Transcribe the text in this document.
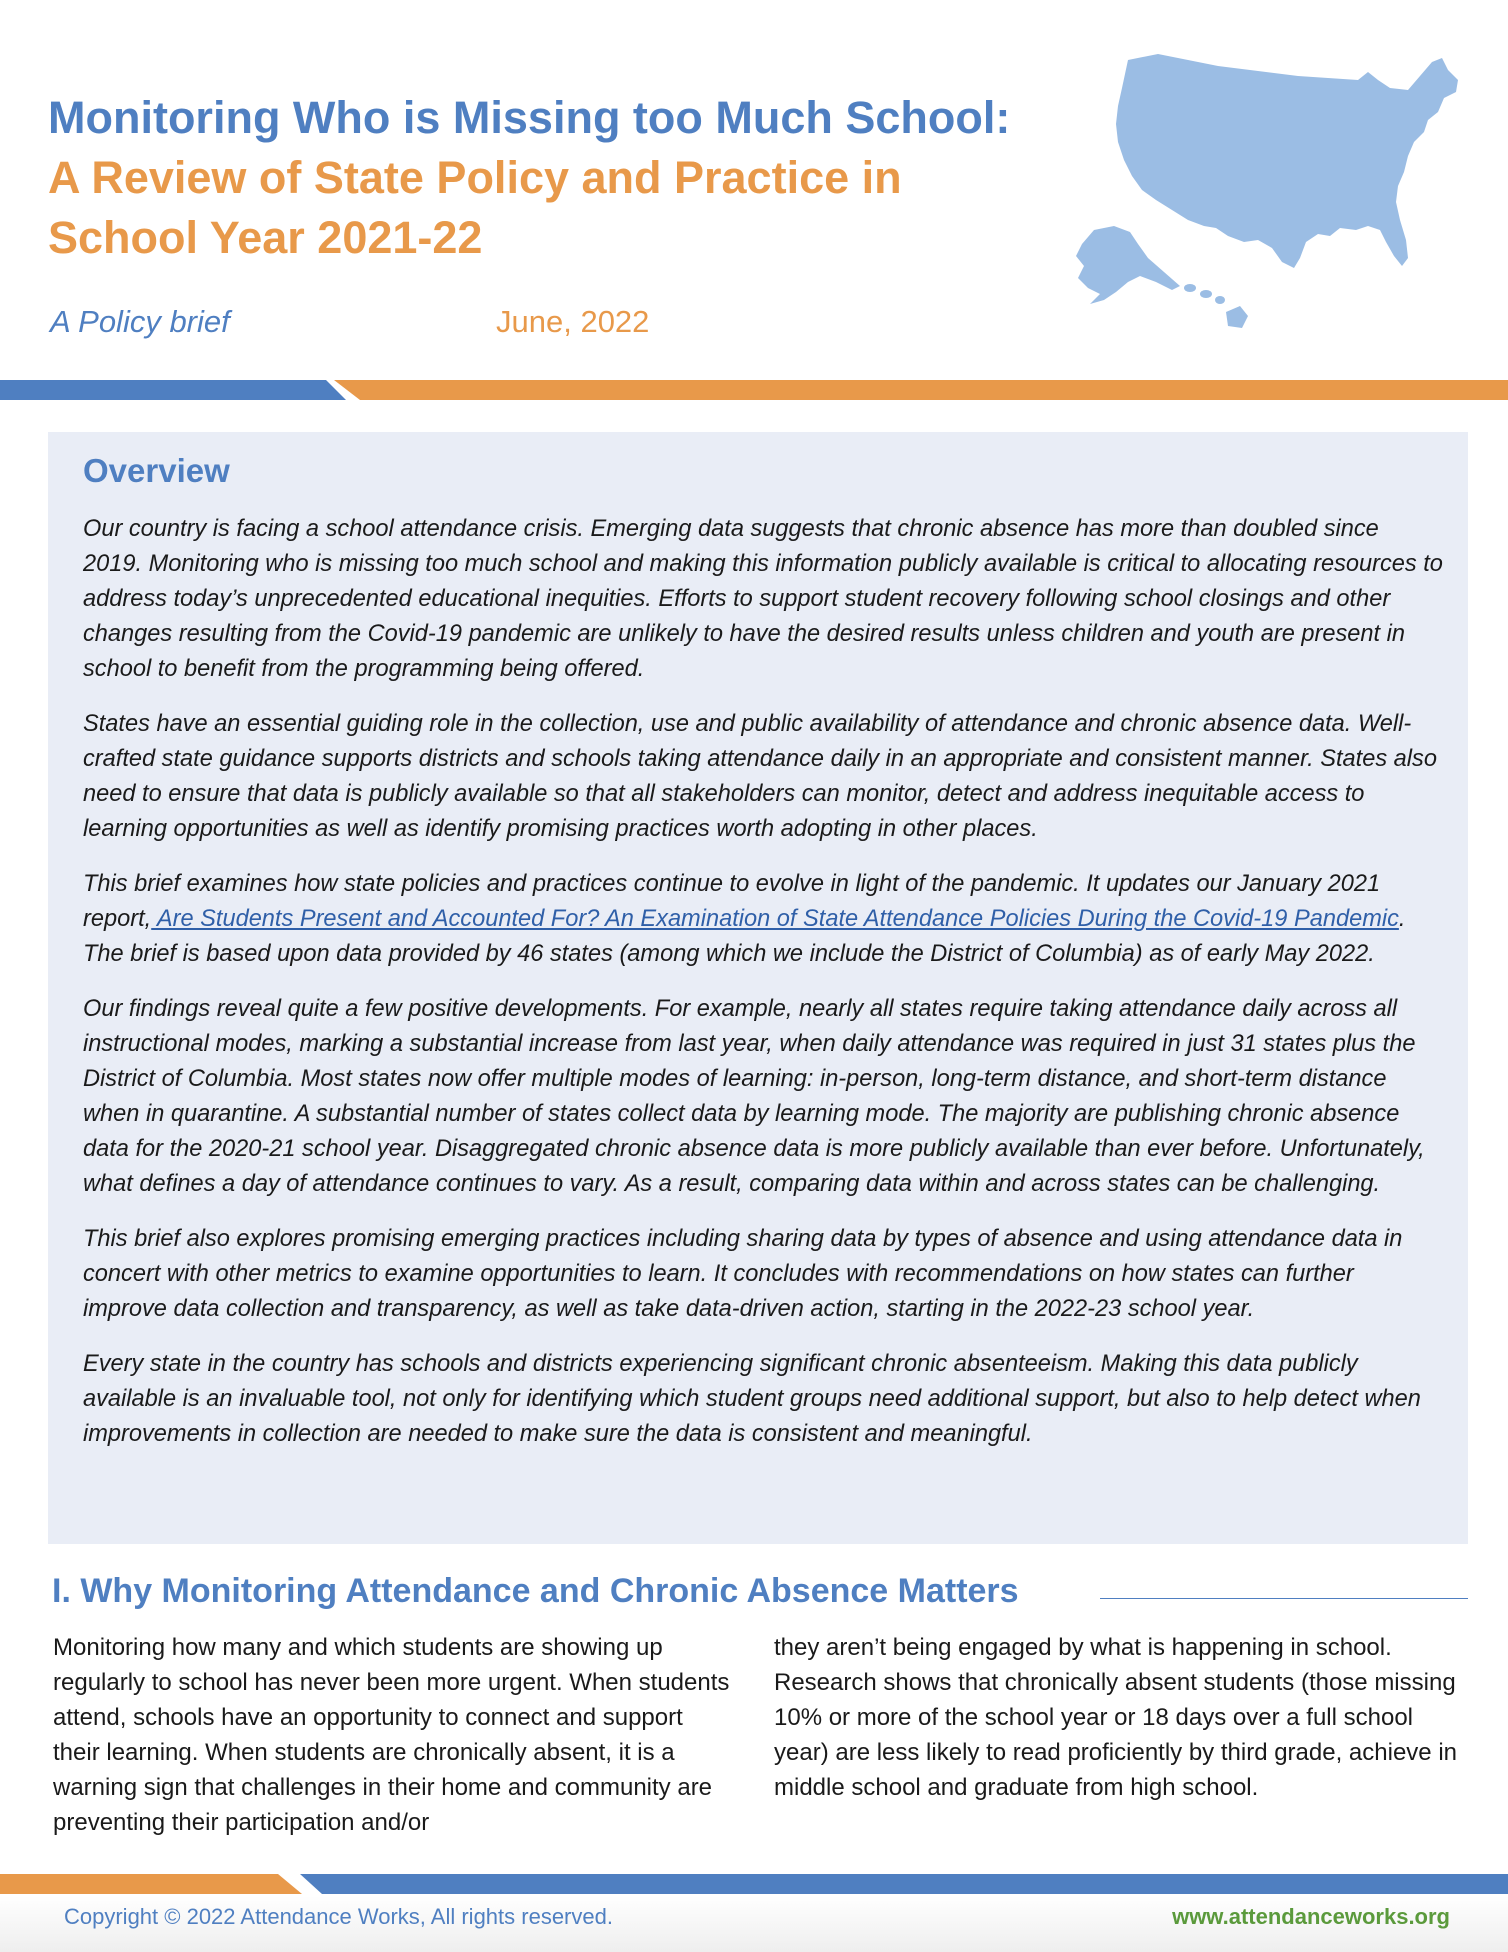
Monitoring Who is Missing too Much School:
A Review of State Policy and Practice in
School Year 2021-22
A Policy brief	June, 2022
Overview

Our country is facing a school attendance crisis. Emerging data suggests that chronic absence has more than doubled since 2019. Monitoring who is missing too much school and making this information publicly available is critical to allocating resources to address today’s unprecedented educational inequities. Efforts to support student recovery following school closings and other changes resulting from the Covid-19 pandemic are unlikely to have the desired results unless children and youth are present in school to benefit from the programming being offered.

States have an essential guiding role in the collection, use and public availability of attendance and chronic absence data. Well-crafted state guidance supports districts and schools taking attendance daily in an appropriate and consistent manner. States also need to ensure that data is publicly available so that all stakeholders can monitor, detect and address inequitable access to learning opportunities as well as identify promising practices worth adopting in other places.

This brief examines how state policies and practices continue to evolve in light of the pandemic. It updates our January 2021 report, Are Students Present and Accounted For? An Examination of State Attendance Policies During the Covid-19 Pandemic. The brief is based upon data provided by 46 states (among which we include the District of Columbia) as of early May 2022.

Our findings reveal quite a few positive developments. For example, nearly all states require taking attendance daily across all instructional modes, marking a substantial increase from last year, when daily attendance was required in just 31 states plus the District of Columbia. Most states now offer multiple modes of learning: in-person, long-term distance, and short-term distance when in quarantine. A substantial number of states collect data by learning mode. The majority are publishing chronic absence data for the 2020-21 school year. Disaggregated chronic absence data is more publicly available than ever before. Unfortunately, what defines a day of attendance continues to vary. As a result, comparing data within and across states can be challenging.

This brief also explores promising emerging practices including sharing data by types of absence and using attendance data in concert with other metrics to examine opportunities to learn. It concludes with recommendations on how states can further improve data collection and transparency, as well as take data-driven action, starting in the 2022-23 school year.

Every state in the country has schools and districts experiencing significant chronic absenteeism. Making this data publicly available is an invaluable tool, not only for identifying which student groups need additional support, but also to help detect when improvements in collection are needed to make sure the data is consistent and meaningful.

I. Why Monitoring Attendance and Chronic Absence Matters
Monitoring how many and which students are showing up regularly to school has never been more urgent. When students attend, schools have an opportunity to connect and support their learning. When students are chronically absent, it is a warning sign that challenges in their home and community are preventing their participation and/or
they aren’t being engaged by what is happening in school. Research shows that chronically absent students (those missing 10% or more of the school year or 18 days over a full school year) are less likely to read proficiently by third grade, achieve in middle school and graduate from high school.
Copyright © 2022 Attendance Works, All rights reserved.	www.attendanceworks.org
